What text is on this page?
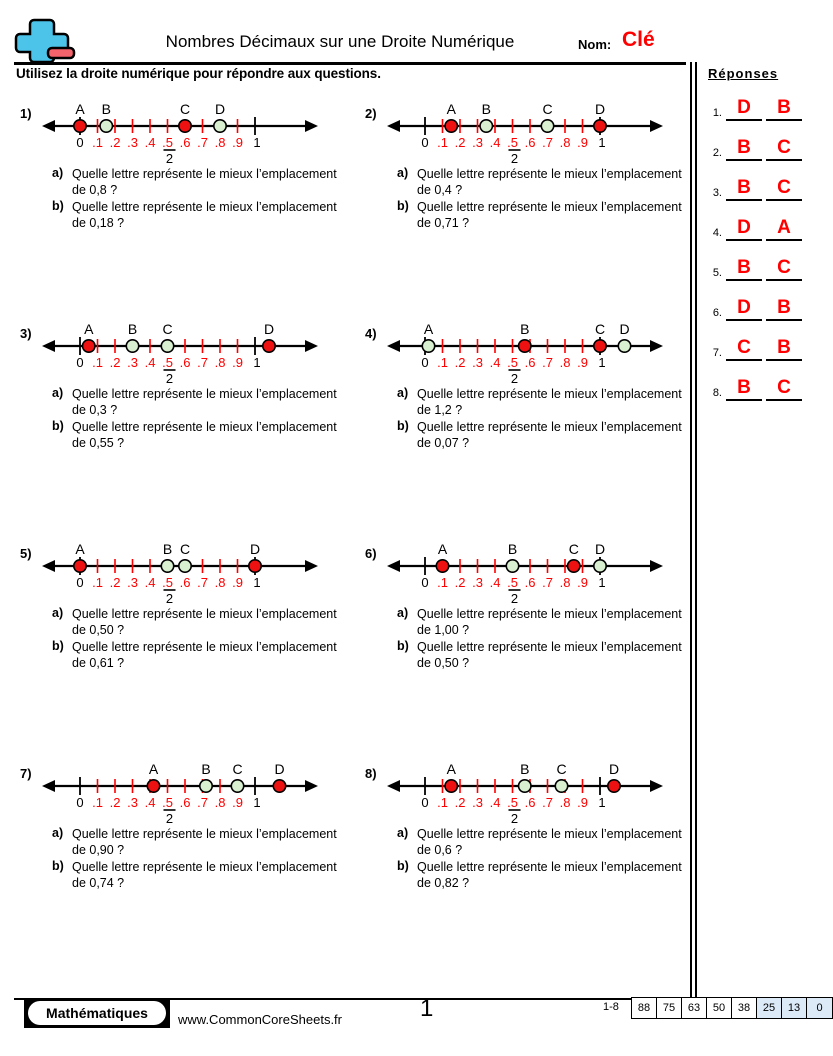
Nombres Décimaux sur une Droite Numérique	Nom: Clé
Utilisez la droite numérique pour répondre aux questions.	Réponses
1. D	B
2. B	C
3. B	C
4. D	A
5. B	C
6. D	B
7. C	B
8. B	C
1)
0	1
.1 .2 .3 .4 .5 .6 .7 .8 .9
2
A B	C D
a) Quelle lettre représente le mieux l’emplacement de 0,8 ?
b) Quelle lettre représente le mieux l’emplacement de 0,18 ?
2)
0	1
.1 .2 .3 .4 .5 .6 .7 .8 .9
2
A B	C	D
a) Quelle lettre représente le mieux l’emplacement de 0,4 ?
b) Quelle lettre représente le mieux l’emplacement de 0,71 ?
3)
0	1
.1 .2 .3 .4 .5 .6 .7 .8 .9
2
A B C	D
a) Quelle lettre représente le mieux l’emplacement de 0,3 ?
b) Quelle lettre représente le mieux l’emplacement de 0,55 ?
4)
0	1
.1 .2 .3 .4 .5 .6 .7 .8 .9
2
A	B	C D
a) Quelle lettre représente le mieux l’emplacement de 1,2 ?
b) Quelle lettre représente le mieux l’emplacement de 0,07 ?
5)
0	1
.1 .2 .3 .4 .5 .6 .7 .8 .9
2
A	B C	D
a) Quelle lettre représente le mieux l’emplacement de 0,50 ?
b) Quelle lettre représente le mieux l’emplacement de 0,61 ?
6)
0	1
.1 .2 .3 .4 .5 .6 .7 .8 .9
2
A	B	C D
a) Quelle lettre représente le mieux l’emplacement de 1,00 ?
b) Quelle lettre représente le mieux l’emplacement de 0,50 ?
7)
0	1
.1 .2 .3 .4 .5 .6 .7 .8 .9
2
A	B C D
a) Quelle lettre représente le mieux l’emplacement de 0,90 ?
b) Quelle lettre représente le mieux l’emplacement de 0,74 ?
8)
0	1
.1 .2 .3 .4 .5 .6 .7 .8 .9
2
A	B C	D
a) Quelle lettre représente le mieux l’emplacement de 0,6 ?
b) Quelle lettre représente le mieux l’emplacement de 0,82 ?
Mathématiques	www.CommonCoreSheets.fr	1	1-8	88	75	63	50	38	25	13	0
